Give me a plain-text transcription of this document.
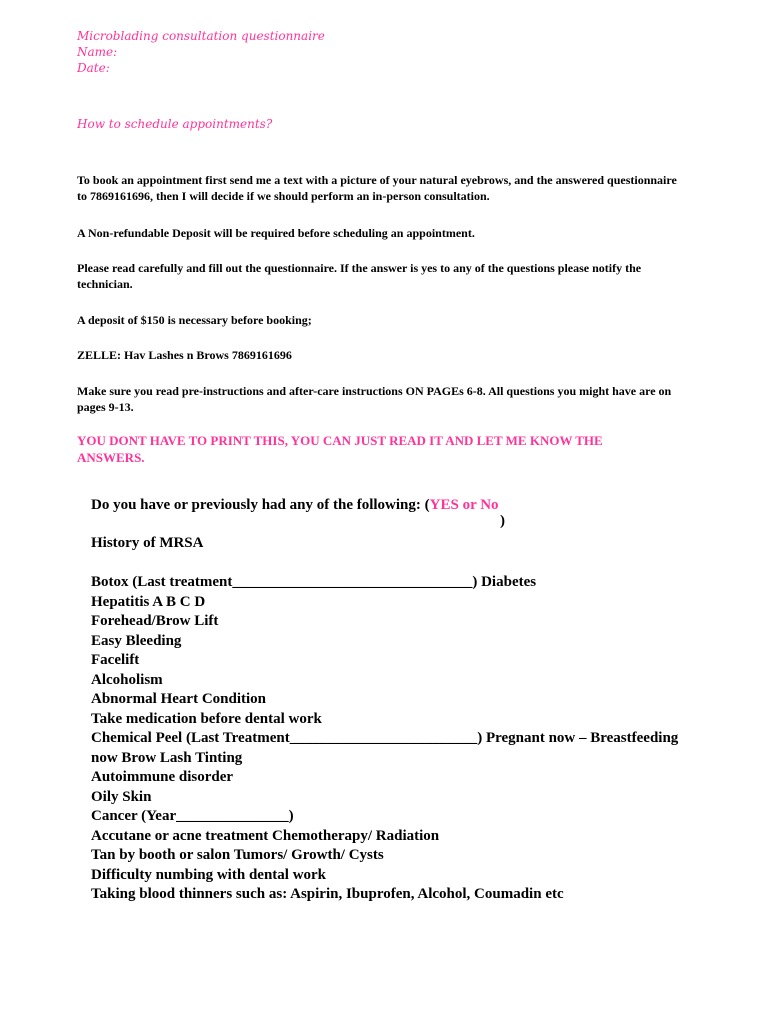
Microblading consultation questionnaire

Name:

Date:

How to schedule appointments?

To book an appointment first send me a text with a picture of your natural eyebrows, and the answered questionnaire to 7869161696, then I will decide if we should perform an in-person consultation.

A Non-refundable Deposit will be required before scheduling an appointment.

Please read carefully and fill out the questionnaire. If the answer is yes to any of the questions please notify the technician.

A deposit of $150 is necessary before booking;

ZELLE: Hav Lashes n Brows 7869161696

Make sure you read pre-instructions and after-care instructions ON PAGEs 6-8. All questions you might have are on pages 9-13.

YOU DONT HAVE TO PRINT THIS, YOU CAN JUST READ IT AND LET ME KNOW THE ANSWERS.

Do you have or previously had any of the following: (YES or No

)

History of MRSA

Botox (Last treatment________________________________) Diabetes
Hepatitis A B C D
Forehead/Brow Lift
Easy Bleeding
Facelift
Alcoholism
Abnormal Heart Condition
Take medication before dental work
Chemical Peel (Last Treatment_________________________) Pregnant now – Breastfeeding
now Brow Lash Tinting
Autoimmune disorder
Oily Skin
Cancer (Year_______________)
Accutane or acne treatment Chemotherapy/ Radiation
Tan by booth or salon Tumors/ Growth/ Cysts
Difficulty numbing with dental work
Taking blood thinners such as: Aspirin, Ibuprofen, Alcohol, Coumadin etc
